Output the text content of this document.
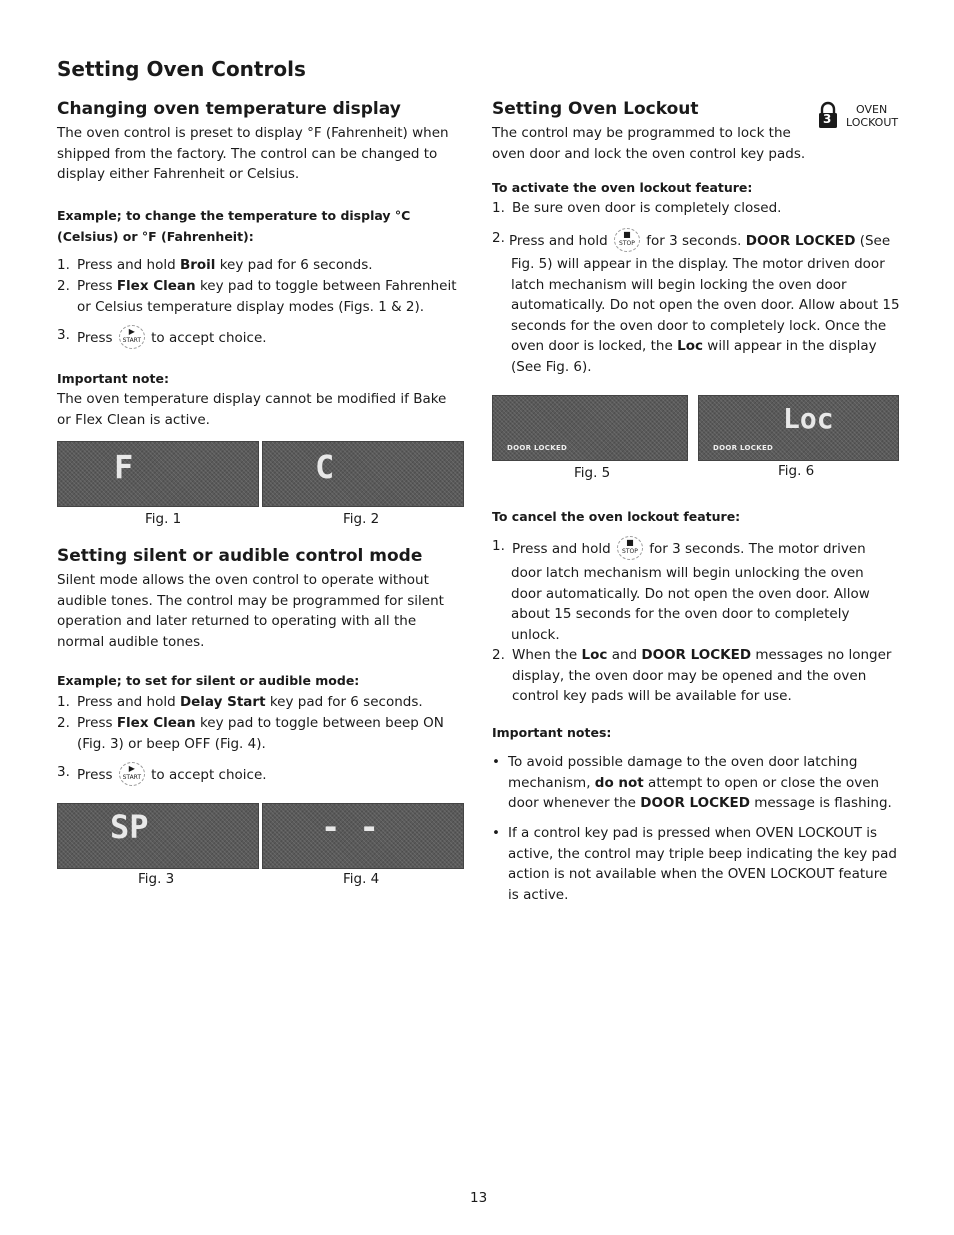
Setting Oven Controls
Changing oven temperature display

The oven control is preset to display °F (Fahrenheit) when shipped from the factory. The control can be changed to display either Fahrenheit or Celsius.

Example; to change the temperature to display °C
(Celsius) or °F (Fahrenheit):
1. Press and hold Broil key pad for 6 seconds.
2. Press Flex Clean key pad to toggle between Fahrenheit or Celsius temperature display modes (Figs. 1 & 2).
3. Press	▶
START to accept choice.
Important note:

The oven temperature display cannot be modified if Bake or Flex Clean is active.

F	C
Fig. 1	Fig. 2
Setting silent or audible control mode

Silent mode allows the oven control to operate without audible tones. The control may be programmed for silent operation and later returned to operating with all the normal audible tones.

Example; to set for silent or audible mode:
1. Press and hold Delay Start key pad for 6 seconds.
2. Press Flex Clean key pad to toggle between beep ON (Fig. 3) or beep OFF (Fig. 4).
3. Press	▶
START to accept choice.
SP	- -
Fig. 3	Fig. 4
Setting Oven Lockout	3
OVEN
LOCKOUT

The control may be programmed to lock the oven door and lock the oven control key pads.

To activate the oven lockout feature:
1. Be sure oven door is completely closed.
2. Press and hold	■
STOP for 3 seconds. DOOR LOCKED (See

Fig. 5) will appear in the display. The motor driven door latch mechanism will begin locking the oven door automatically. Do not open the oven door. Allow about 15 seconds for the oven door to completely lock. Once the oven door is locked, the Loc will appear in the display (See Fig. 6).

DOOR LOCKED
Loc
DOOR LOCKED
Fig. 5	Fig. 6
To cancel the oven lockout feature:
1. Press and hold	■
STOP for 3 seconds. The motor driven

door latch mechanism will begin unlocking the oven door automatically. Do not open the oven door. Allow about 15 seconds for the oven door to completely unlock.

2. When the Loc and DOOR LOCKED messages no longer display, the oven door may be opened and the oven control key pads will be available for use.
Important notes:
• To avoid possible damage to the oven door latching mechanism, do not attempt to open or close the oven door whenever the DOOR LOCKED message is flashing.
• If a control key pad is pressed when OVEN LOCKOUT is active, the control may triple beep indicating the key pad action is not available when the OVEN LOCKOUT feature is active.
13
